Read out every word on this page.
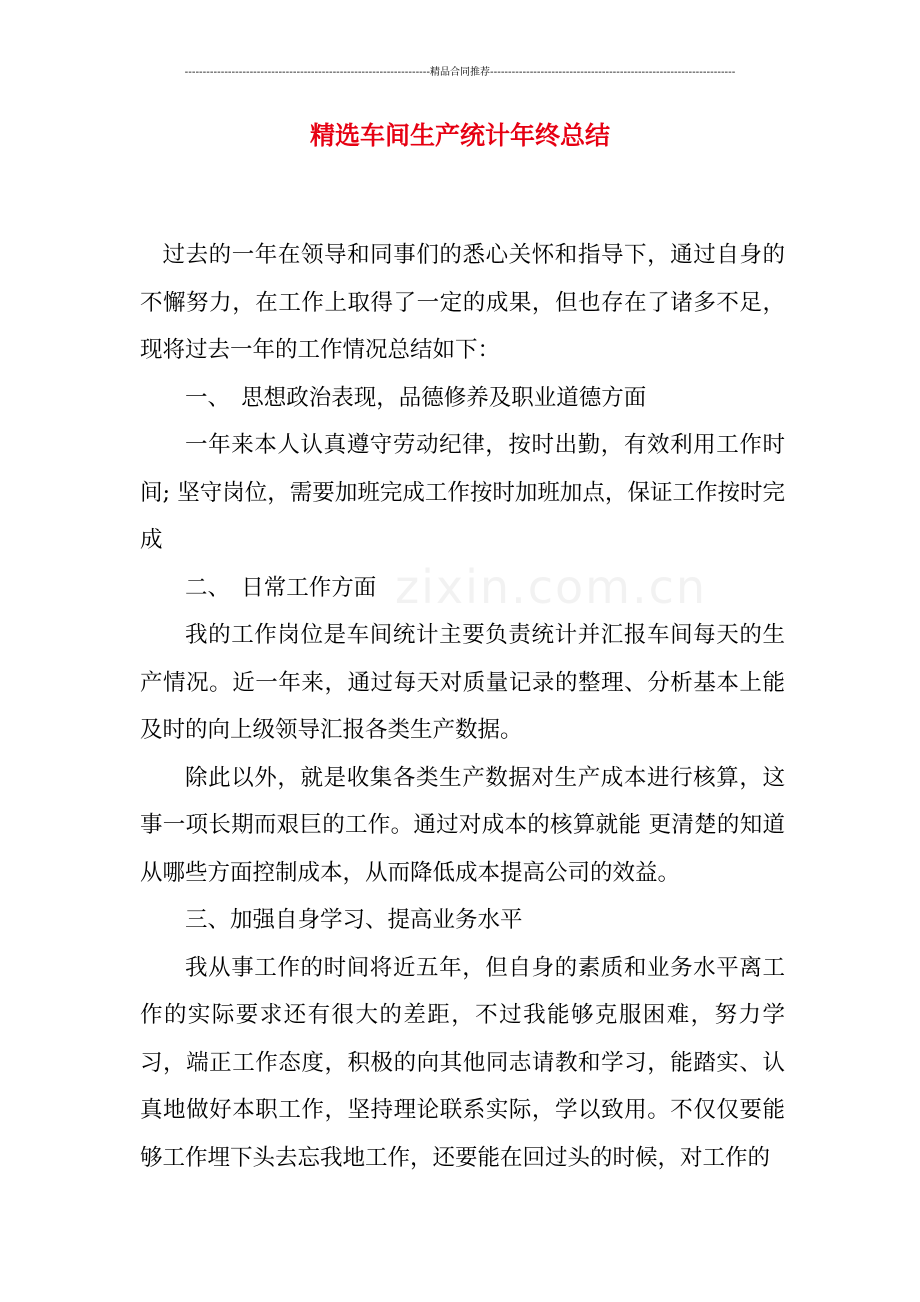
--------------------------------------------------------------------精品合同推荐--------------------------------------------------------------------
精选车间生产统计年终总结
zixin.com.cn

过去的一年在领导和同事们的悉心关怀和指导下，通过自身的不懈努力，在工作上取得了一定的成果，但也存在了诸多不足，现将过去一年的工作情况总结如下：

一、　思想政治表现，品德修养及职业道德方面

一年来本人认真遵守劳动纪律，按时出勤，有效利用工作时间; 坚守岗位，需要加班完成工作按时加班加点，保证工作按时完成

二、　日常工作方面

我的工作岗位是车间统计主要负责统计并汇报车间每天的生产情况。近一年来，通过每天对质量记录的整理、分析基本上能及时的向上级领导汇报各类生产数据。

除此以外，就是收集各类生产数据对生产成本进行核算，这事一项长期而艰巨的工作。通过对成本的核算就能 更清楚的知道从哪些方面控制成本，从而降低成本提高公司的效益。

三、加强自身学习、提高业务水平

我从事工作的时间将近五年，但自身的素质和业务水平离工作的实际要求还有很大的差距，不过我能够克服困难，努力学习，端正工作态度，积极的向其他同志请教和学习，能踏实、认真地做好本职工作，坚持理论联系实际，学以致用。不仅仅要能够工作埋下头去忘我地工作，还要能在回过头的时候，对工作的
